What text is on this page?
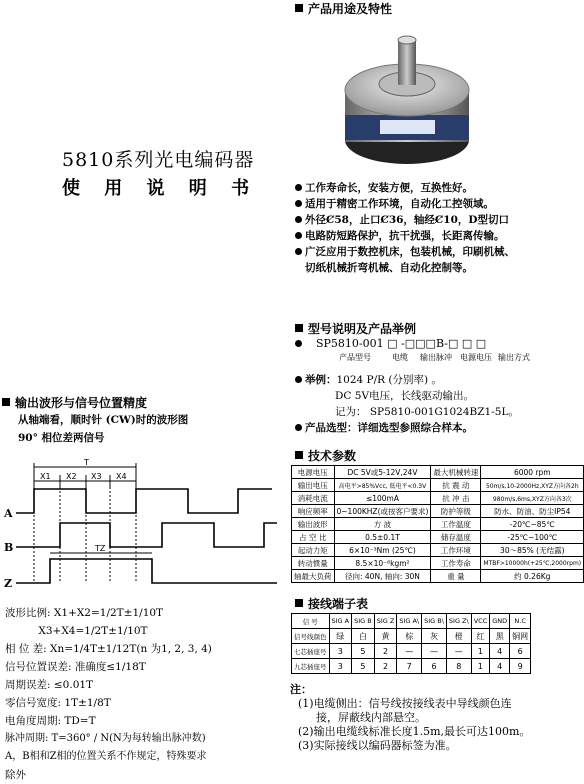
5810系列光电编码器
使 用 说 明 书
产品用途及特性
工作寿命长，安装方便，互换性好。
适用于精密工作环境，自动化工控领域。
外径Ȼ58，止口Ȼ36，轴经Ȼ10，D型切口
电路防短路保护，抗干扰强，长距离传输。
广泛应用于数控机床，包装机械，印刷机械、
切纸机械折弯机械、自动化控制等。
型号说明及产品举例
SP5810-001 □ -□□□B-□ □ □
产品型号	电缆 输出脉冲 电源电压 输出方式
举例：1024 P/R (分别率) 。
DC 5V电压，长线驱动输出。
记为： SP5810-001G1024BZ1-5L。
产品选型：详细选型参照综合样本。
技术参数
电源电压	DC 5V或5-12V,24V	最大机械转速	6000 rpm
输出电压	高电平>85%Vcc, 低电平<0.3V	抗 震 动	50m/s,10-2000Hz,XYZ方向各2h
消耗电流	≤100mA	抗 冲 击	980m/s,6ms,XYZ方向各3次
响应频率	0~100KHZ(或按客户要求)	防护等级	防水、防油、防尘IP54
输出波形	方 波	工作温度	-20℃~85℃
占 空 比	0.5±0.1T	储存温度	-25℃~100℃
起动力矩	6×10⁻³Nm (25℃)	工作环境	30～85% (无结露)
转动惯量	8.5×10⁻⁶kgm²	工作寿命	MTBF>10000h(+25℃,2000rpm)
轴最大负荷	径向: 40N, 轴向: 30N	重 量	约 0.26Kg
接线端子表
信 号	SIG A	SIG B	SIG Z	SIG A\	SIG B\	SIG Z\	VCC	GND	N.C
信号线颜色	绿	白	黄	棕	灰	橙	红	黑	铜网
七芯插座号	3	5	2	—	—	—	1	4	6
九芯插座号	3	5	2	7	6	8	1	4	9
注：
(1)电缆侧出：信号线按接线表中导线颜色连
接，屏蔽线内部悬空。
(2)输出电缆线标准长度1.5m,最长可达100m。
(3)实际接线以编码器标签为准。
输出波形与信号位置精度
从轴端看，顺时针 (CW)时的波形图
90° 相位差两信号
T
X1 X2 X3 X4
TZ
A
B
Z
波形比例: X1+X2=1/2T±1/10T
X3+X4=1/2T±1/10T
相 位 差: Xn=1/4T±1/12T(n 为1, 2, 3, 4)
信号位置误差: 准确度≤1/18T
周期误差: ≤0.01T
零信号宽度: 1T±1/8T
电角度周期: TD=T
脉冲周期: T=360° / N(N为每转输出脉冲数)
A，B相和Z相的位置关系不作规定，特殊要求
除外
